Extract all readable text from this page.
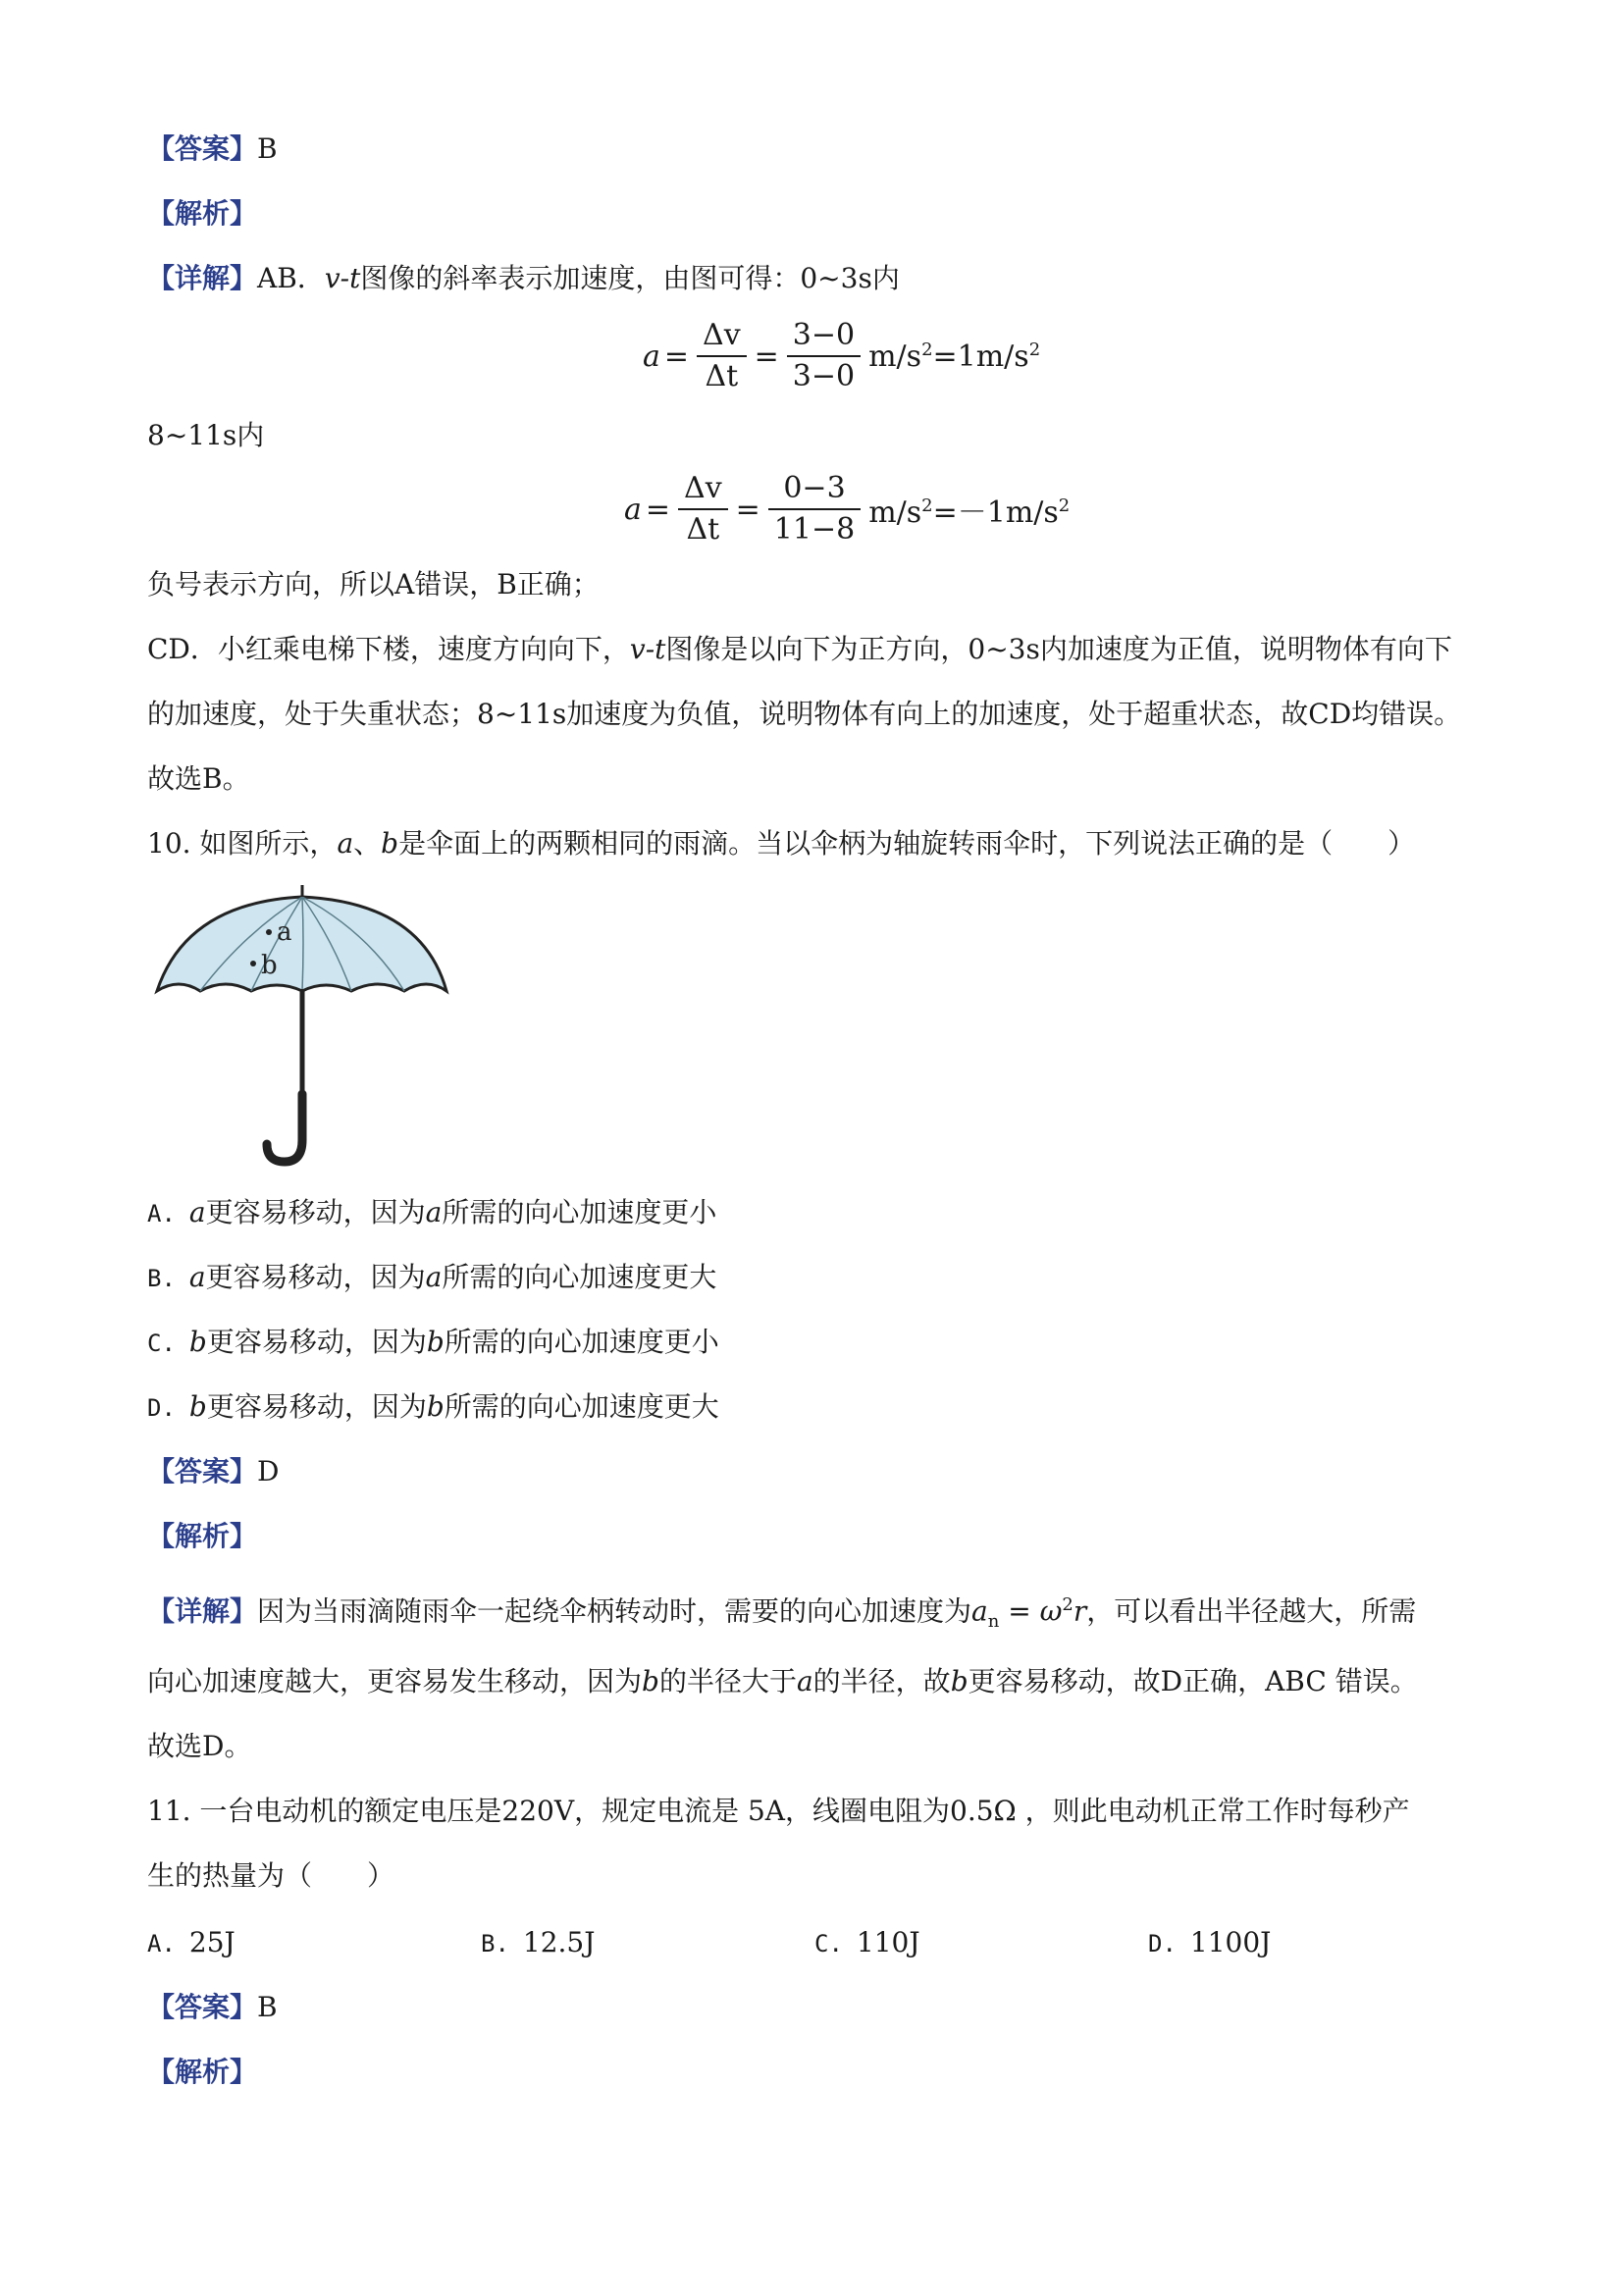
【答案】B
【解析】
【详解】AB．v-t图像的斜率表示加速度，由图可得：0~3s内
$a = \frac{\Delta v}{\Delta t} = \frac{3-0}{3-0} m/s^2=1m/s^2$
8~11s内
$a = \frac{\Delta v}{\Delta t} = \frac{0-3}{11-8} m/s^2=-1m/s^2$
负号表示方向，所以A错误，B正确；
CD．小红乘电梯下楼，速度方向向下，v-t图像是以向下为正方向，0~3s内加速度为正值，说明物体有向下
的加速度，处于失重状态；8~11s加速度为负值，说明物体有向上的加速度，处于超重状态，故CD均错误。
故选B。
10. 如图所示，a、b是伞面上的两颗相同的雨滴。当以伞柄为轴旋转雨伞时，下列说法正确的是（　　）
a
b
A. a更容易移动，因为a所需的向心加速度更小
B. a更容易移动，因为a所需的向心加速度更大
C. b更容易移动，因为b所需的向心加速度更小
D. b更容易移动，因为b所需的向心加速度更大
【答案】D
【解析】
【详解】因为当雨滴随雨伞一起绕伞柄转动时，需要的向心加速度为$a_n = \omega^2r$，可以看出半径越大，所需
向心加速度越大，更容易发生移动，因为b的半径大于a的半径，故b更容易移动，故D正确，ABC 错误。
故选D。
11. 一台电动机的额定电压是220V，规定电流是 5A，线圈电阻为0.5Ω ，则此电动机正常工作时每秒产
生的热量为（　　）
A. 25J	B. 12.5J	C. 110J	D. 1100J
【答案】B
【解析】
